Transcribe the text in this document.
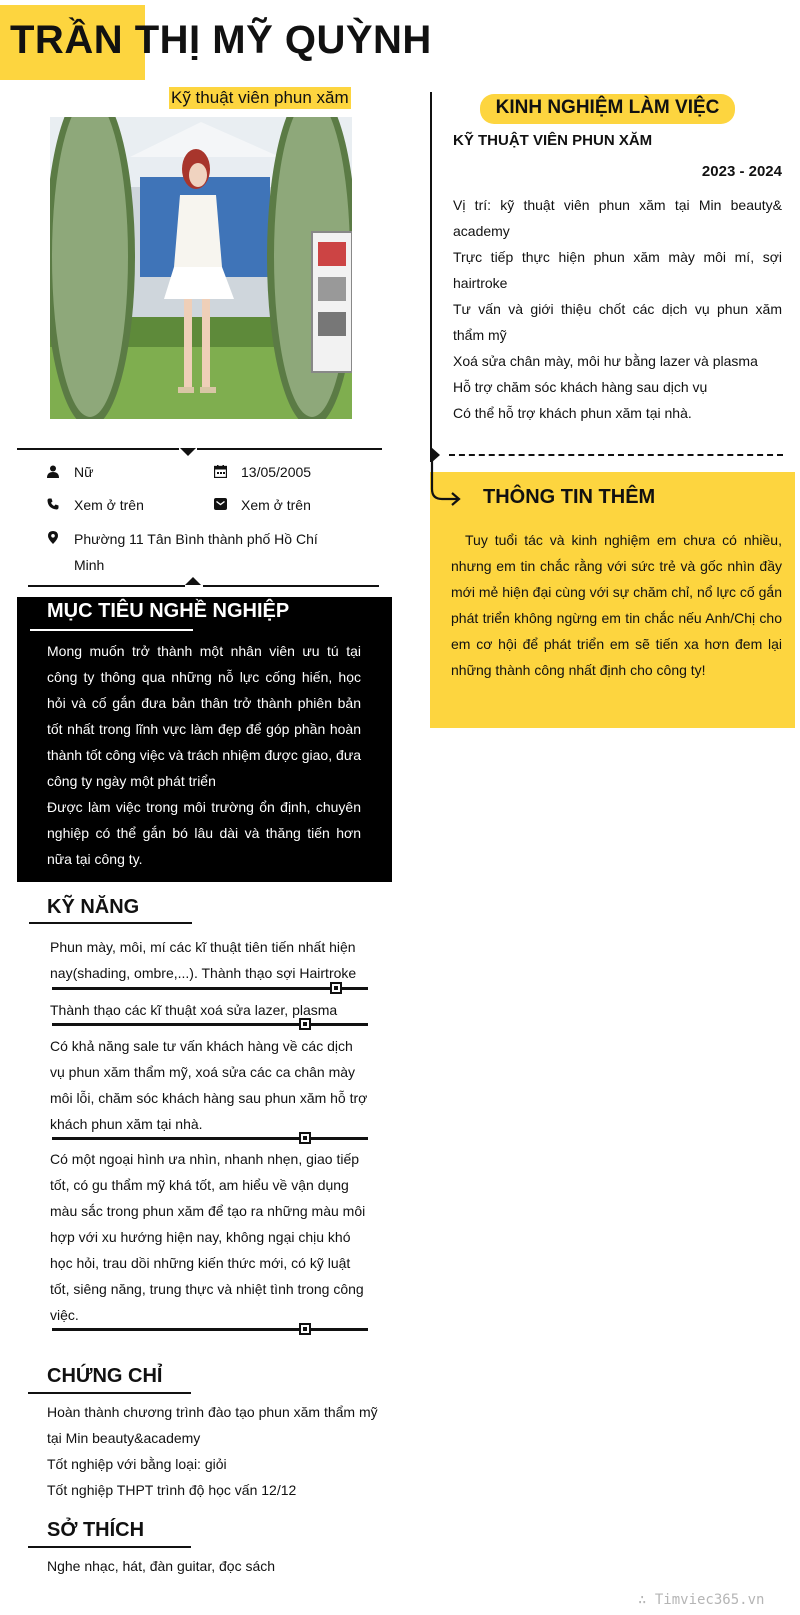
TRẦN THỊ MỸ QUỲNH
Kỹ thuật viên phun xăm
Nữ	13/05/2005
Xem ở trên	Xem ở trên
Phường 11 Tân Bình thành phố Hồ Chí Minh
MỤC TIÊU NGHỀ NGHIỆP

Mong muốn trở thành một nhân viên ưu tú tại công ty thông qua những nỗ lực cống hiến, học hỏi và cố gắn đưa bản thân trở thành phiên bản tốt nhất trong lĩnh vực làm đẹp để góp phần hoàn thành tốt công việc và trách nhiệm được giao, đưa công ty ngày một phát triển

Được làm việc trong môi trường ổn định, chuyên nghiệp có thể gắn bó lâu dài và thăng tiến hơn nữa tại công ty.

KỸ NĂNG
Phun mày, môi, mí các kĩ thuật tiên tiến nhất hiện nay(shading, ombre,...). Thành thạo sợi Hairtroke
Thành thạo các kĩ thuật xoá sửa lazer, plasma
Có khả năng sale tư vấn khách hàng về các dịch vụ phun xăm thẩm mỹ, xoá sửa các ca chân mày môi lỗi, chăm sóc khách hàng sau phun xăm hỗ trợ khách phun xăm tại nhà.
Có một ngoại hình ưa nhìn, nhanh nhẹn, giao tiếp tốt, có gu thẩm mỹ khá tốt, am hiểu về vận dụng màu sắc trong phun xăm để tạo ra những màu môi hợp với xu hướng hiện nay, không ngại chịu khó học hỏi, trau dồi những kiến thức mới, có kỹ luật tốt, siêng năng, trung thực và nhiệt tình trong công việc.
CHỨNG CHỈ

Hoàn thành chương trình đào tạo phun xăm thẩm mỹ tại Min beauty&academy

Tốt nghiệp với bằng loại: giỏi

Tốt nghiệp THPT trình độ học vấn 12/12

SỞ THÍCH
Nghe nhạc, hát, đàn guitar, đọc sách
KINH NGHIỆM LÀM VIỆC
KỸ THUẬT VIÊN PHUN XĂM
2023 - 2024

Vị trí: kỹ thuật viên phun xăm tại Min beauty& academy

Trực tiếp thực hiện phun xăm mày môi mí, sợi hairtroke

Tư vấn và giới thiệu chốt các dịch vụ phun xăm thẩm mỹ

Xoá sửa chân mày, môi hư bằng lazer và plasma

Hỗ trợ chăm sóc khách hàng sau dịch vụ

Có thể hỗ trợ khách phun xăm tại nhà.

THÔNG TIN THÊM

Tuy tuổi tác và kinh nghiệm em chưa có nhiều, nhưng em tin chắc rằng với sức trẻ và gốc nhìn đầy mới mẻ hiện đại cùng với sự chăm chỉ, nổ lực cố gắn phát triển không ngừng em tin chắc nếu Anh/Chị cho em cơ hội để phát triển em sẽ tiến xa hơn đem lại những thành công nhất định cho công ty!

∴ Timviec365.vn
